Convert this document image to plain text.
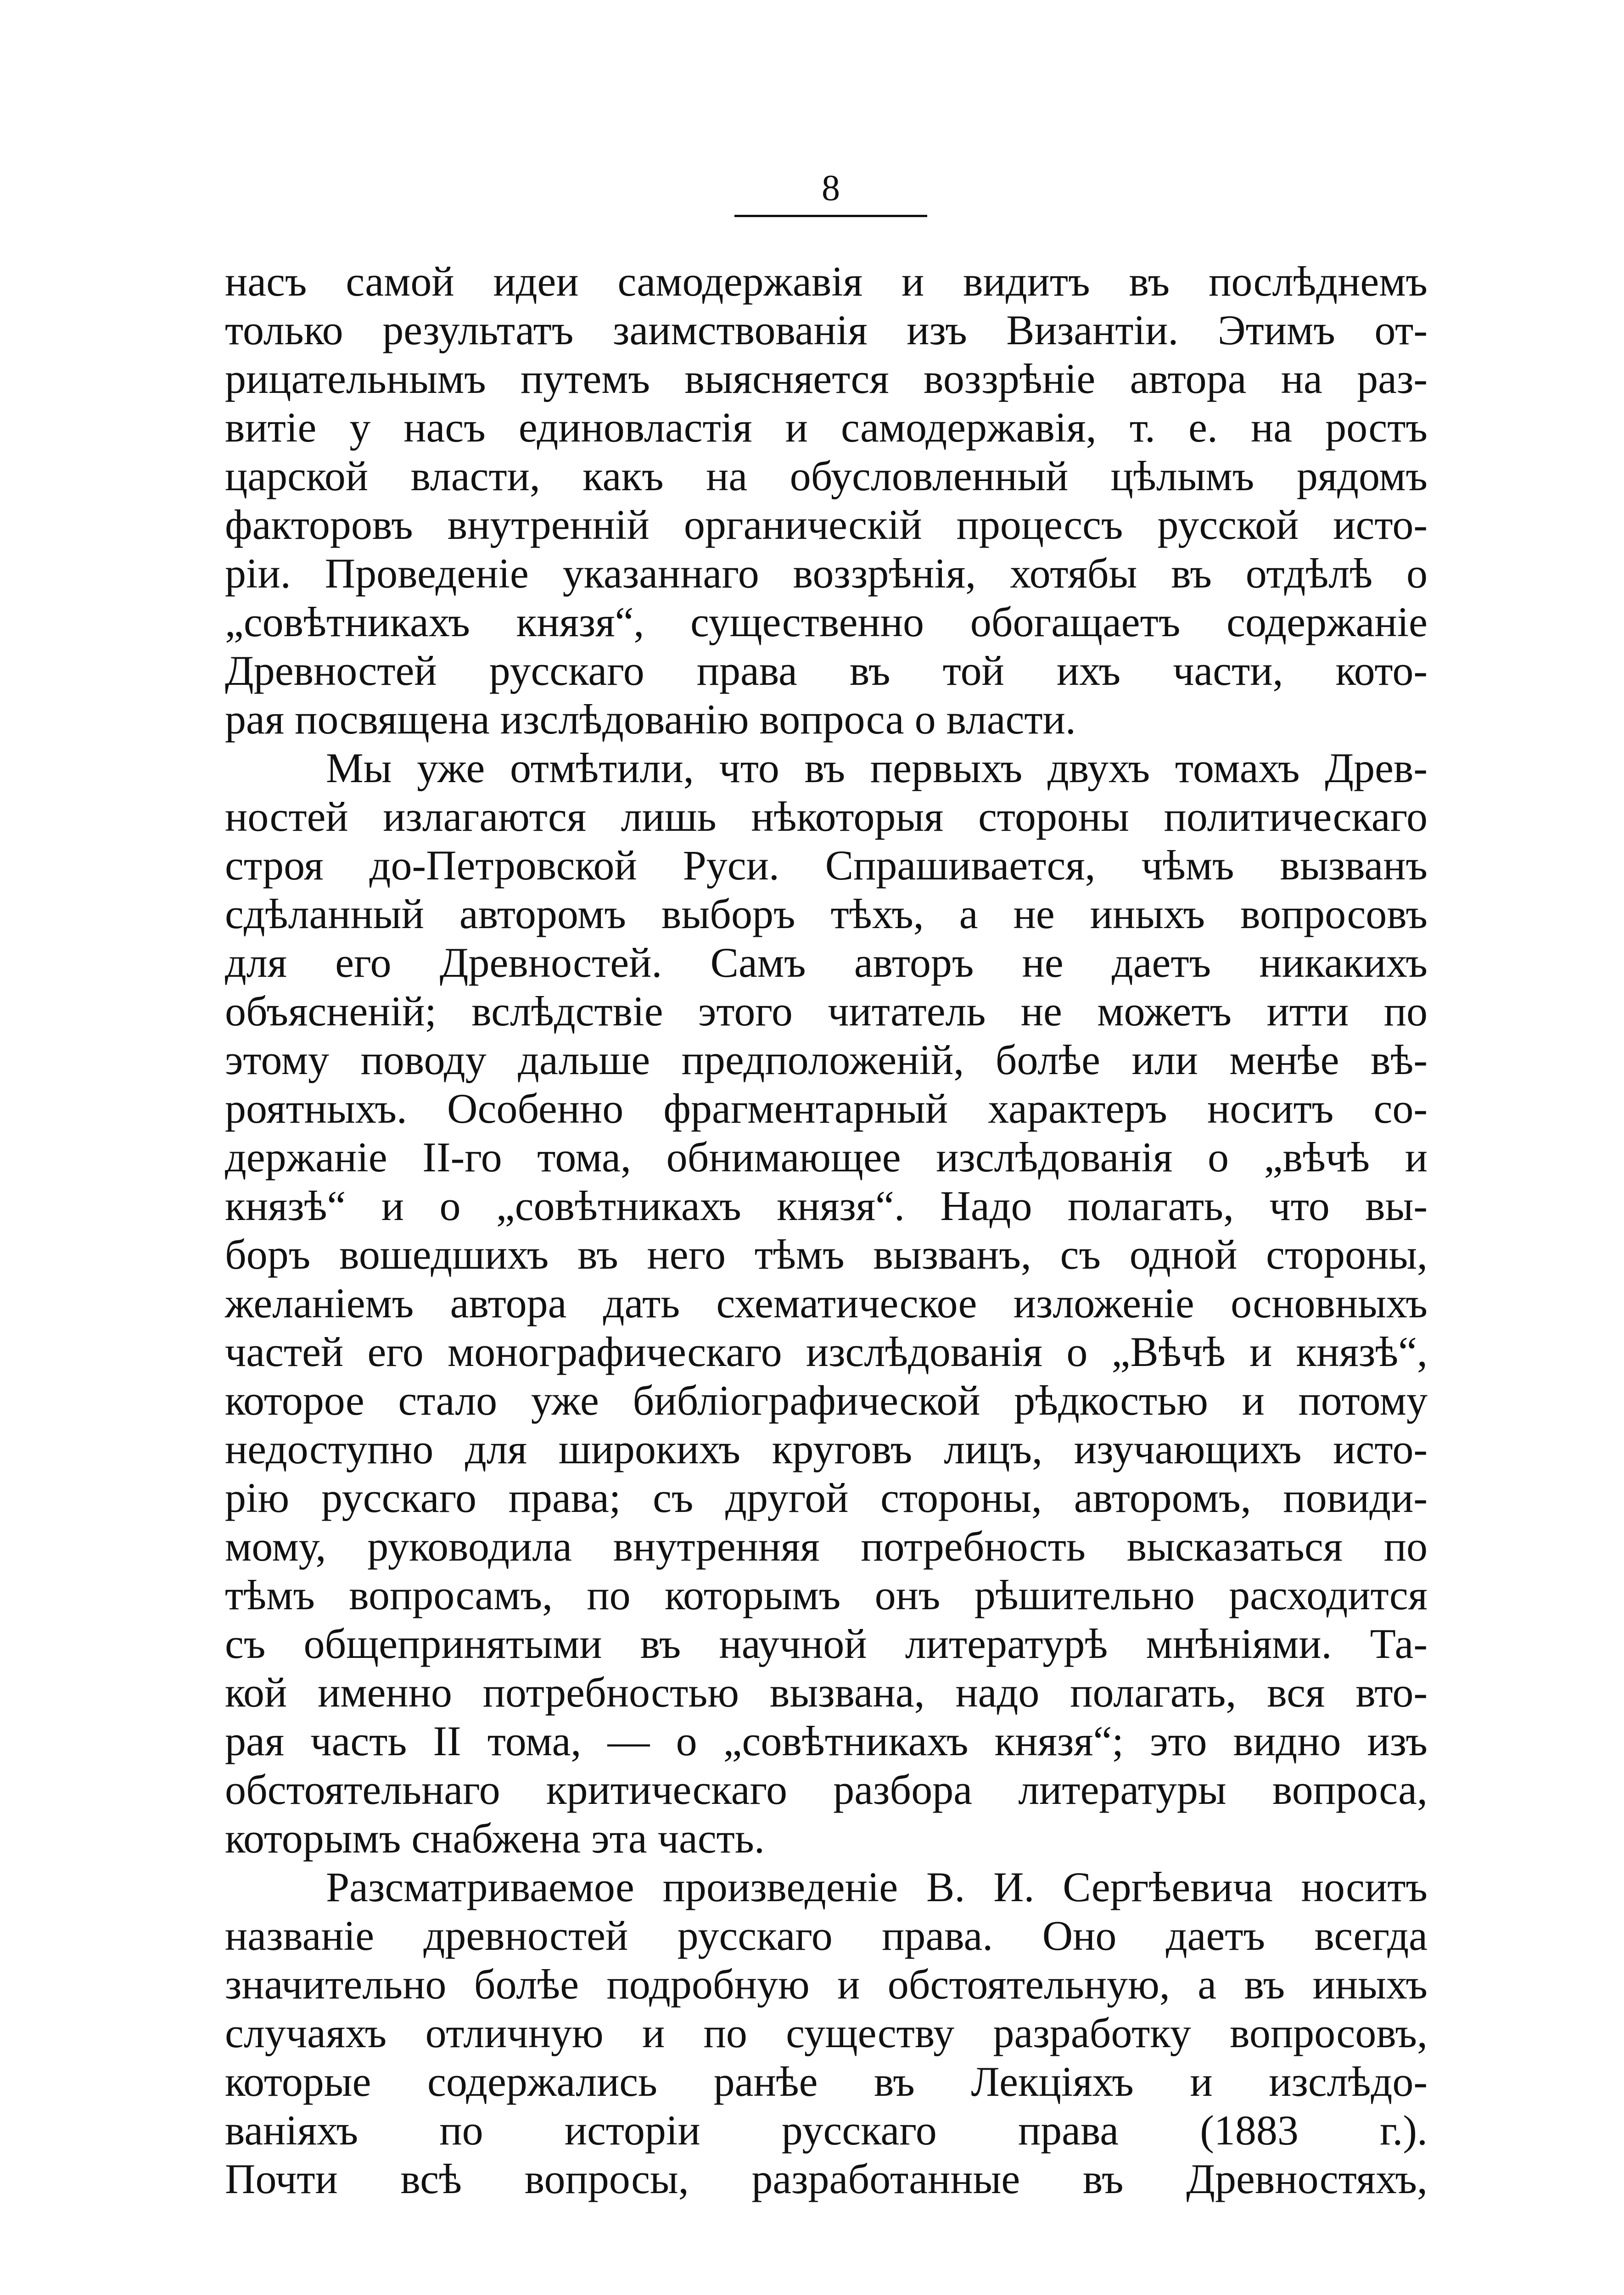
8
насъ самой идеи самодержавія и видитъ въ послѣднемъ
только результатъ заимствованія изъ Византіи. Этимъ от-
рицательнымъ путемъ выясняется воззрѣніе автора на раз-
витіе у насъ единовластія и самодержавія, т. е. на ростъ
царской власти, какъ на обусловленный цѣлымъ рядомъ
факторовъ внутренній органическій процессъ русской исто-
ріи. Проведеніе указаннаго воззрѣнія, хотябы въ отдѣлѣ о
„совѣтникахъ князя“, существенно обогащаетъ содержаніе
Древностей русскаго права въ той ихъ части, кото-
рая посвящена изслѣдованію вопроса о власти.
Мы уже отмѣтили, что въ первыхъ двухъ томахъ Древ-
ностей излагаются лишь нѣкоторыя стороны политическаго
строя до-Петровской Руси. Спрашивается, чѣмъ вызванъ
сдѣланный авторомъ выборъ тѣхъ, а не иныхъ вопросовъ
для его Древностей. Самъ авторъ не даетъ никакихъ
объясненій; вслѣдствіе этого читатель не можетъ итти по
этому поводу дальше предположеній, болѣе или менѣе вѣ-
роятныхъ. Особенно фрагментарный характеръ носитъ со-
держаніе II-го тома, обнимающее изслѣдованія о „вѣчѣ и
князѣ“ и о „совѣтникахъ князя“. Надо полагать, что вы-
боръ вошедшихъ въ него тѣмъ вызванъ, съ одной стороны,
желаніемъ автора дать схематическое изложеніе основныхъ
частей его монографическаго изслѣдованія о „Вѣчѣ и князѣ“,
которое стало уже библіографической рѣдкостью и потому
недоступно для широкихъ круговъ лицъ, изучающихъ исто-
рію русскаго права; съ другой стороны, авторомъ, повиди-
мому, руководила внутренняя потребность высказаться по
тѣмъ вопросамъ, по которымъ онъ рѣшительно расходится
съ общепринятыми въ научной литературѣ мнѣніями. Та-
кой именно потребностью вызвана, надо полагать, вся вто-
рая часть II тома, — о „совѣтникахъ князя“; это видно изъ
обстоятельнаго критическаго разбора литературы вопроса,
которымъ снабжена эта часть.
Разсматриваемое произведеніе В. И. Сергѣевича носитъ
названіе древностей русскаго права. Оно даетъ всегда
значительно болѣе подробную и обстоятельную, а въ иныхъ
случаяхъ отличную и по существу разработку вопросовъ,
которые содержались ранѣе въ Лекціяхъ и изслѣдо-
ваніяхъ по исторіи русскаго права (1883 г.).
Почти всѣ вопросы, разработанные въ Древностяхъ,
